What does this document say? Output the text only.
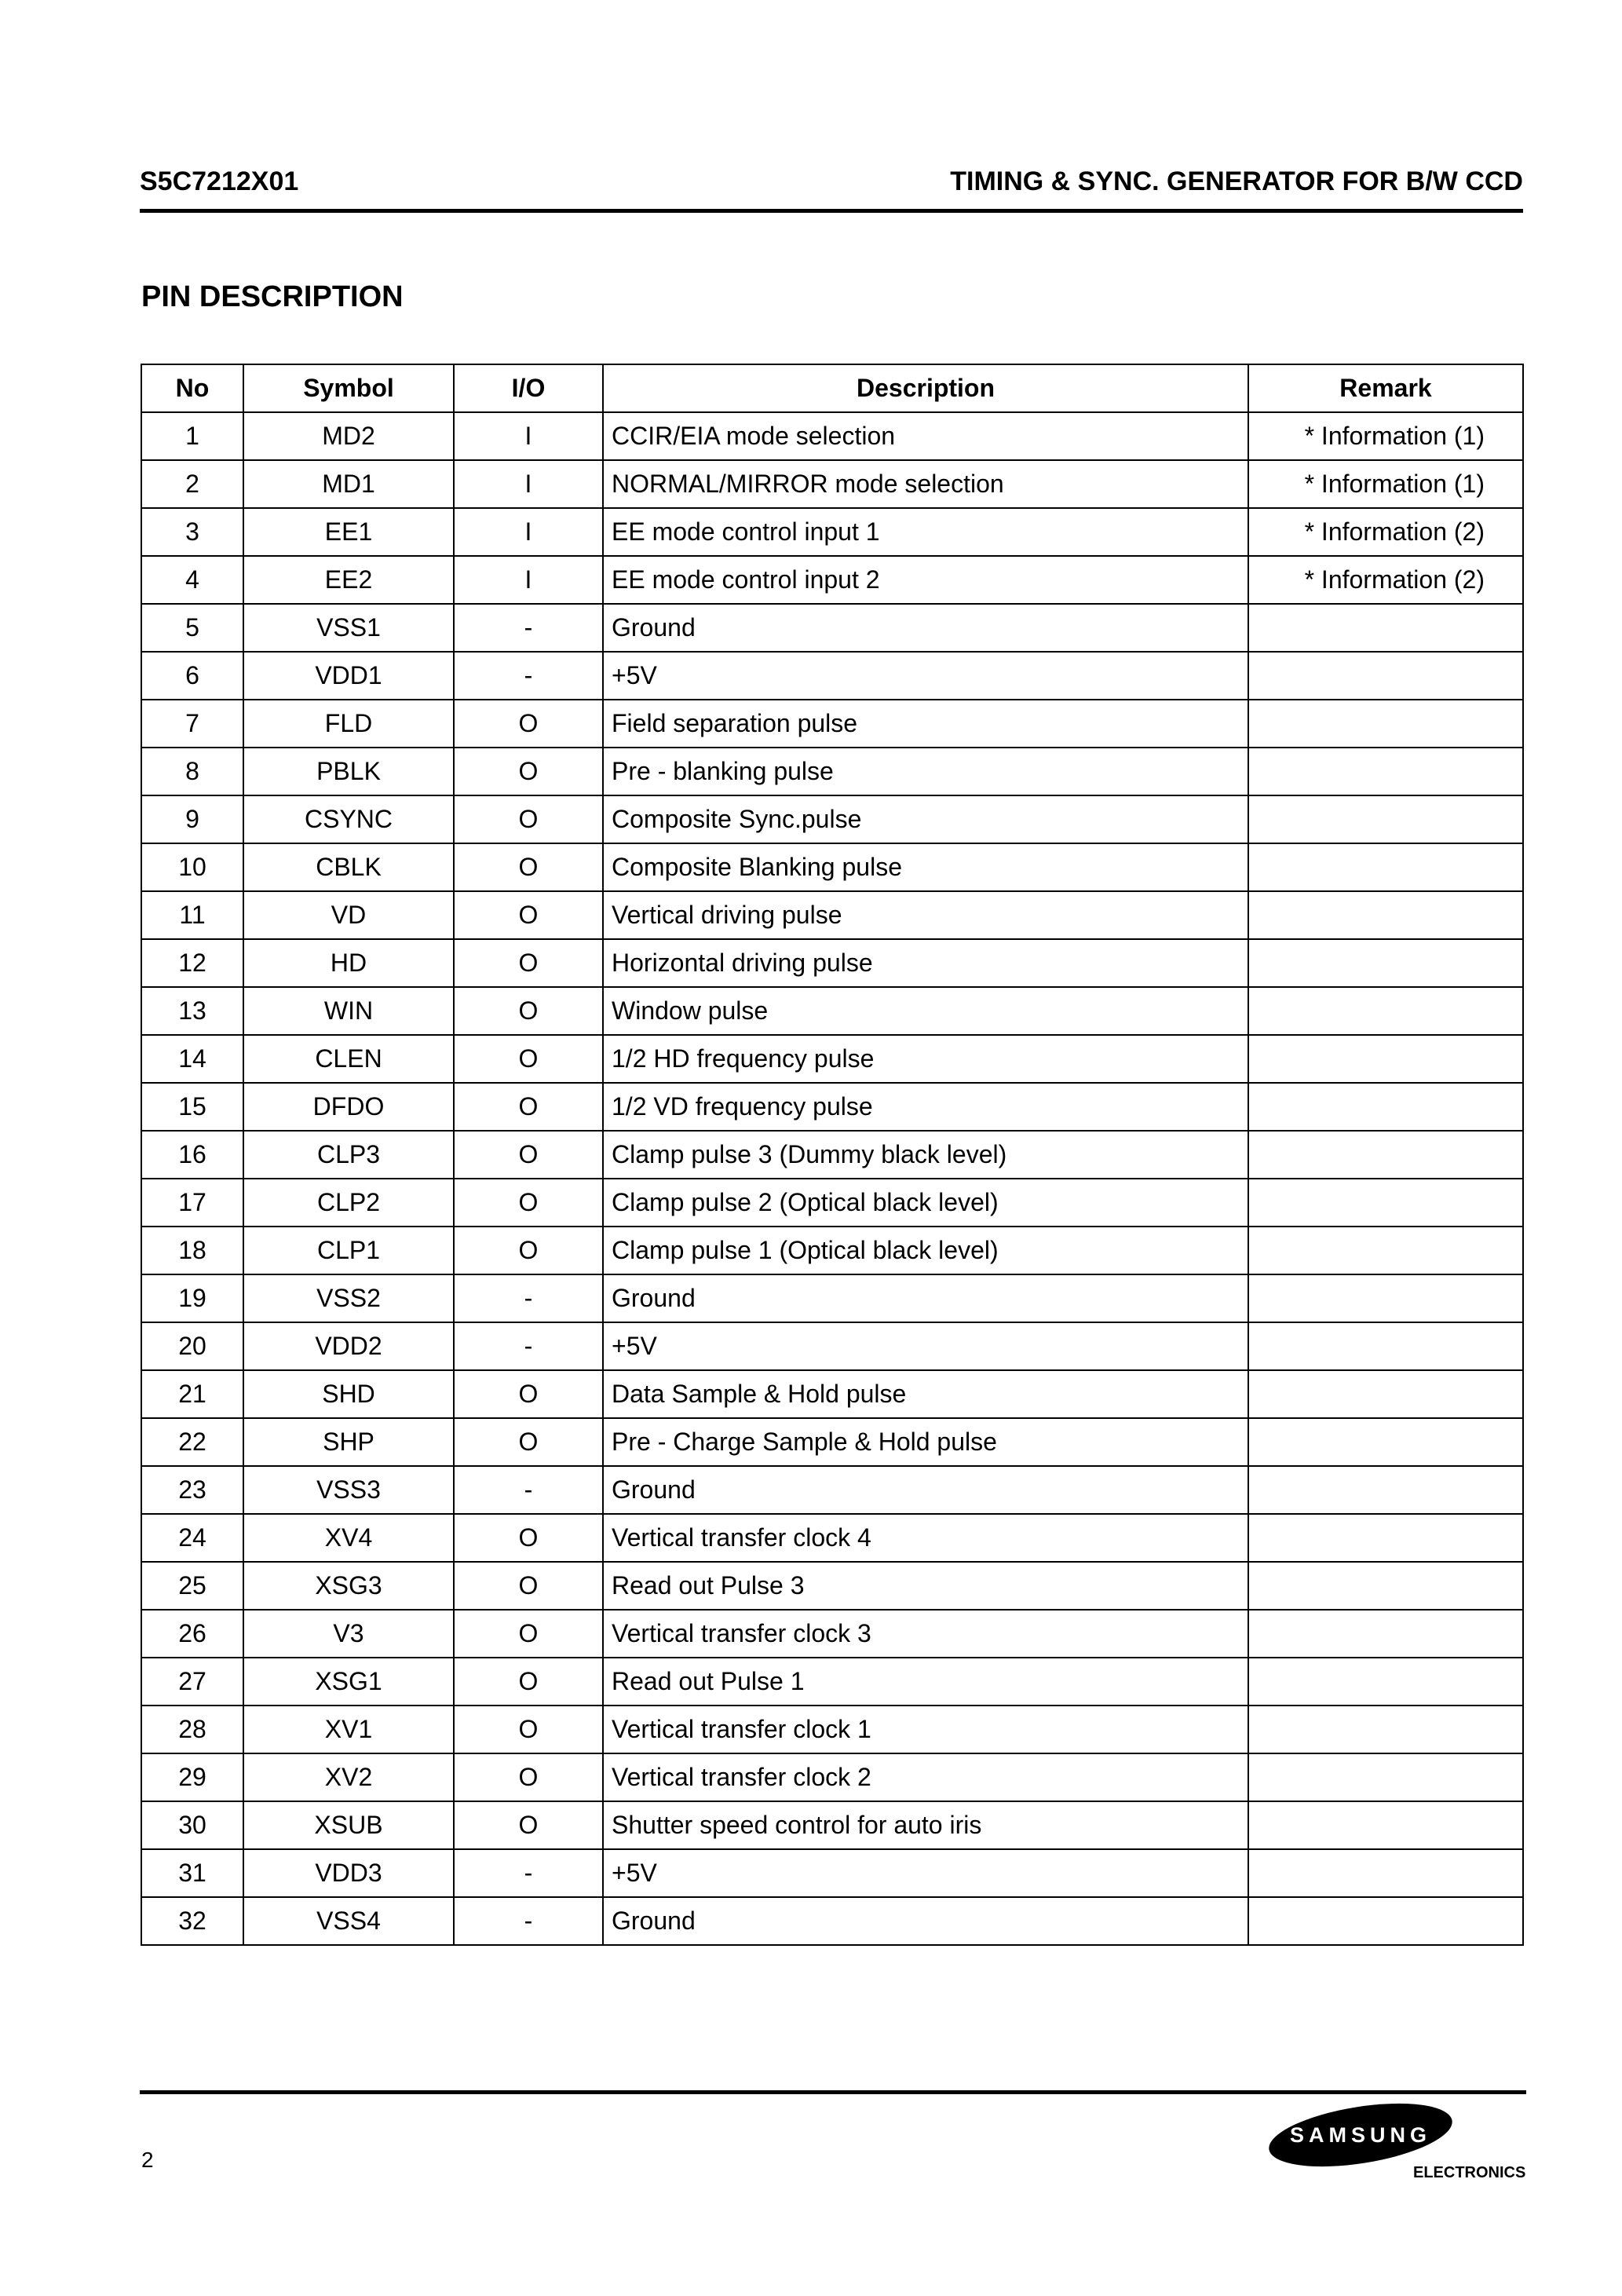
S5C7212X01	TIMING & SYNC. GENERATOR FOR B/W CCD
PIN DESCRIPTION
No	Symbol	I/O	Description	Remark
1	MD2	I	CCIR/EIA mode selection	* Information (1)
2	MD1	I	NORMAL/MIRROR mode selection	* Information (1)
3	EE1	I	EE mode control input 1	* Information (2)
4	EE2	I	EE mode control input 2	* Information (2)
5	VSS1	-	Ground	
6	VDD1	-	+5V	
7	FLD	O	Field separation pulse	
8	PBLK	O	Pre - blanking pulse	
9	CSYNC	O	Composite Sync.pulse	
10	CBLK	O	Composite Blanking pulse	
11	VD	O	Vertical driving pulse	
12	HD	O	Horizontal driving pulse	
13	WIN	O	Window pulse	
14	CLEN	O	1/2 HD frequency pulse	
15	DFDO	O	1/2 VD frequency pulse	
16	CLP3	O	Clamp pulse 3 (Dummy black level)	
17	CLP2	O	Clamp pulse 2 (Optical black level)	
18	CLP1	O	Clamp pulse 1 (Optical black level)	
19	VSS2	-	Ground	
20	VDD2	-	+5V	
21	SHD	O	Data Sample & Hold pulse	
22	SHP	O	Pre - Charge Sample & Hold pulse	
23	VSS3	-	Ground	
24	XV4	O	Vertical transfer clock 4	
25	XSG3	O	Read out Pulse 3	
26	V3	O	Vertical transfer clock 3	
27	XSG1	O	Read out Pulse 1	
28	XV1	O	Vertical transfer clock 1	
29	XV2	O	Vertical transfer clock 2	
30	XSUB	O	Shutter speed control for auto iris	
31	VDD3	-	+5V	
32	VSS4	-	Ground	
2
SAMSUNG
ELECTRONICS
